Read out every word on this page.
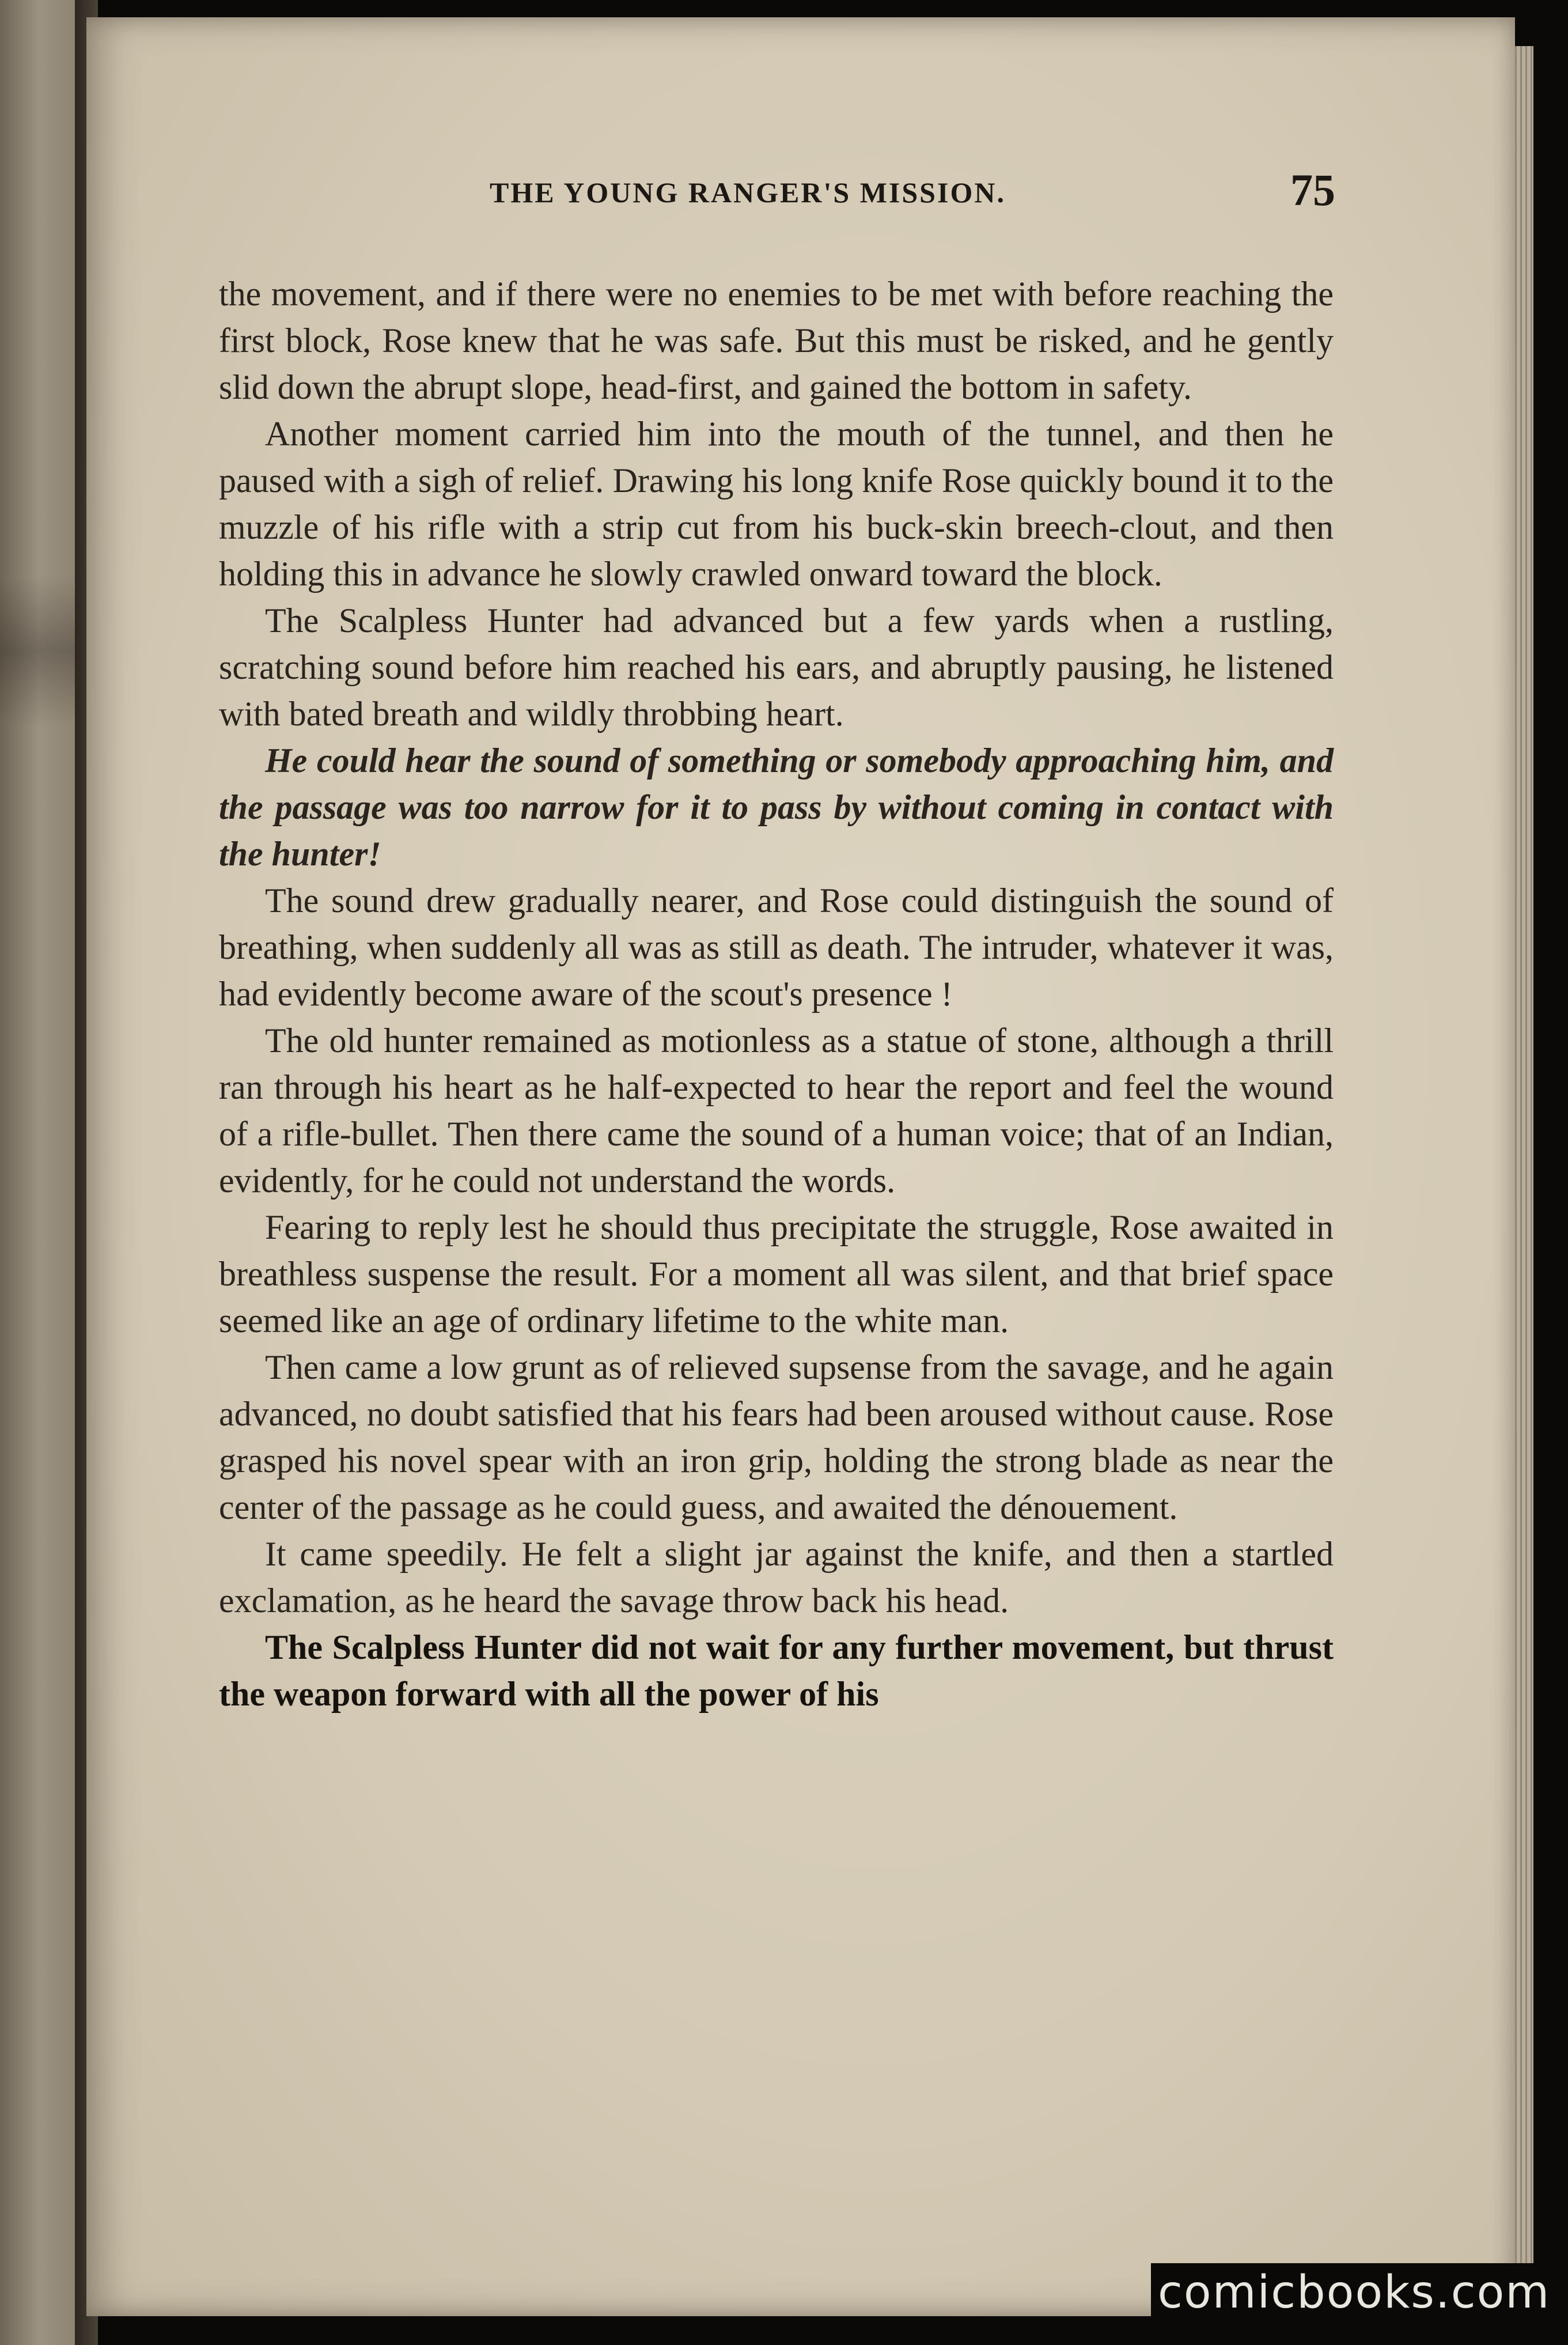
THE YOUNG RANGER'S MISSION.	75

the movement, and if there were no enemies to be met with before reaching the first block, Rose knew that he was safe. But this must be risked, and he gently slid down the abrupt slope, head-first, and gained the bottom in safety.

Another moment carried him into the mouth of the tunnel, and then he paused with a sigh of relief. Drawing his long knife Rose quickly bound it to the muzzle of his rifle with a strip cut from his buck-skin breech-clout, and then holding this in advance he slowly crawled onward toward the block.

The Scalpless Hunter had advanced but a few yards when a rustling, scratching sound before him reached his ears, and abruptly pausing, he listened with bated breath and wildly throbbing heart.

He could hear the sound of something or somebody approaching him, and the passage was too narrow for it to pass by without coming in contact with the hunter!

The sound drew gradually nearer, and Rose could distinguish the sound of breathing, when suddenly all was as still as death. The intruder, whatever it was, had evidently become aware of the scout's presence !

The old hunter remained as motionless as a statue of stone, although a thrill ran through his heart as he half-expected to hear the report and feel the wound of a rifle-bullet. Then there came the sound of a human voice; that of an Indian, evidently, for he could not understand the words.

Fearing to reply lest he should thus precipitate the struggle, Rose awaited in breathless suspense the result. For a moment all was silent, and that brief space seemed like an age of ordinary lifetime to the white man.

Then came a low grunt as of relieved supsense from the savage, and he again advanced, no doubt satisfied that his fears had been aroused without cause. Rose grasped his novel spear with an iron grip, holding the strong blade as near the center of the passage as he could guess, and awaited the dénouement.

It came speedily. He felt a slight jar against the knife, and then a startled exclamation, as he heard the savage throw back his head.

The Scalpless Hunter did not wait for any further movement, but thrust the weapon forward with all the power of his

comicbooks.com
